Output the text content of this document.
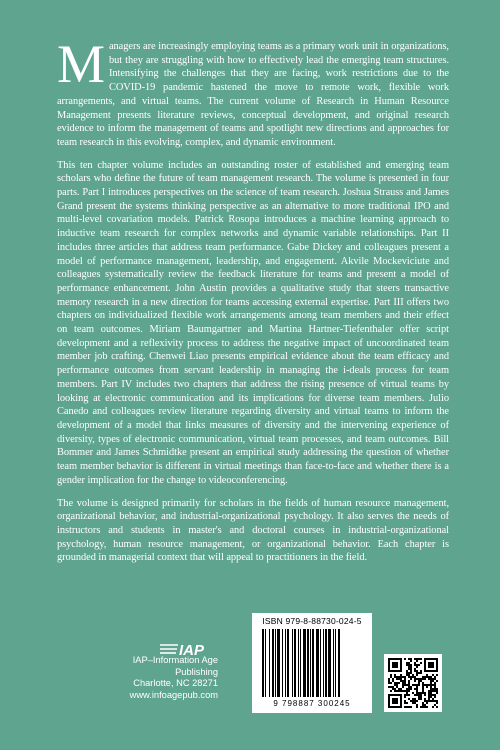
Managers are increasingly employing teams as a primary work unit in organizations, but they are struggling with how to effectively lead the emerging team structures. Intensifying the challenges that they are facing, work restrictions due to the COVID-19 pandemic hastened the move to remote work, flexible work arrangements, and virtual teams. The current volume of Research in Human Resource Management presents literature reviews, conceptual development, and original research evidence to inform the management of teams and spotlight new directions and approaches for team research in this evolving, complex, and dynamic environment.

This ten chapter volume includes an outstanding roster of established and emerging team scholars who define the future of team management research. The volume is presented in four parts. Part I introduces perspectives on the science of team research. Joshua Strauss and James Grand present the systems thinking perspective as an alternative to more traditional IPO and multi-level covariation models. Patrick Rosopa introduces a machine learning approach to inductive team research for complex networks and dynamic variable relationships. Part II includes three articles that address team performance. Gabe Dickey and colleagues present a model of performance management, leadership, and engagement. Akvile Mockeviciute and colleagues systematically review the feedback literature for teams and present a model of performance enhancement. John Austin provides a qualitative study that steers transactive memory research in a new direction for teams accessing external expertise. Part III offers two chapters on individualized flexible work arrangements among team members and their effect on team outcomes. Miriam Baumgartner and Martina Hartner-Tiefenthaler offer script development and a reflexivity process to address the negative impact of uncoordinated team member job crafting. Chenwei Liao presents empirical evidence about the team efficacy and performance outcomes from servant leadership in managing the i-deals process for team members. Part IV includes two chapters that address the rising presence of virtual teams by looking at electronic communication and its implications for diverse team members. Julio Canedo and colleagues review literature regarding diversity and virtual teams to inform the development of a model that links measures of diversity and the intervening experience of diversity, types of electronic communication, virtual team processes, and team outcomes. Bill Bommer and James Schmidtke present an empirical study addressing the question of whether team member behavior is different in virtual meetings than face-to-face and whether there is a gender implication for the change to videoconferencing.

The volume is designed primarily for scholars in the fields of human resource management, organizational behavior, and industrial-organizational psychology. It also serves the needs of instructors and students in master's and doctoral courses in industrial-organizational psychology, human resource management, or organizational behavior. Each chapter is grounded in managerial context that will appeal to practitioners in the field.

IAP
IAP–Information Age Publishing
Charlotte, NC 28271
www.infoagepub.com
ISBN 979-8-88730-024-5
9 798887 300245
